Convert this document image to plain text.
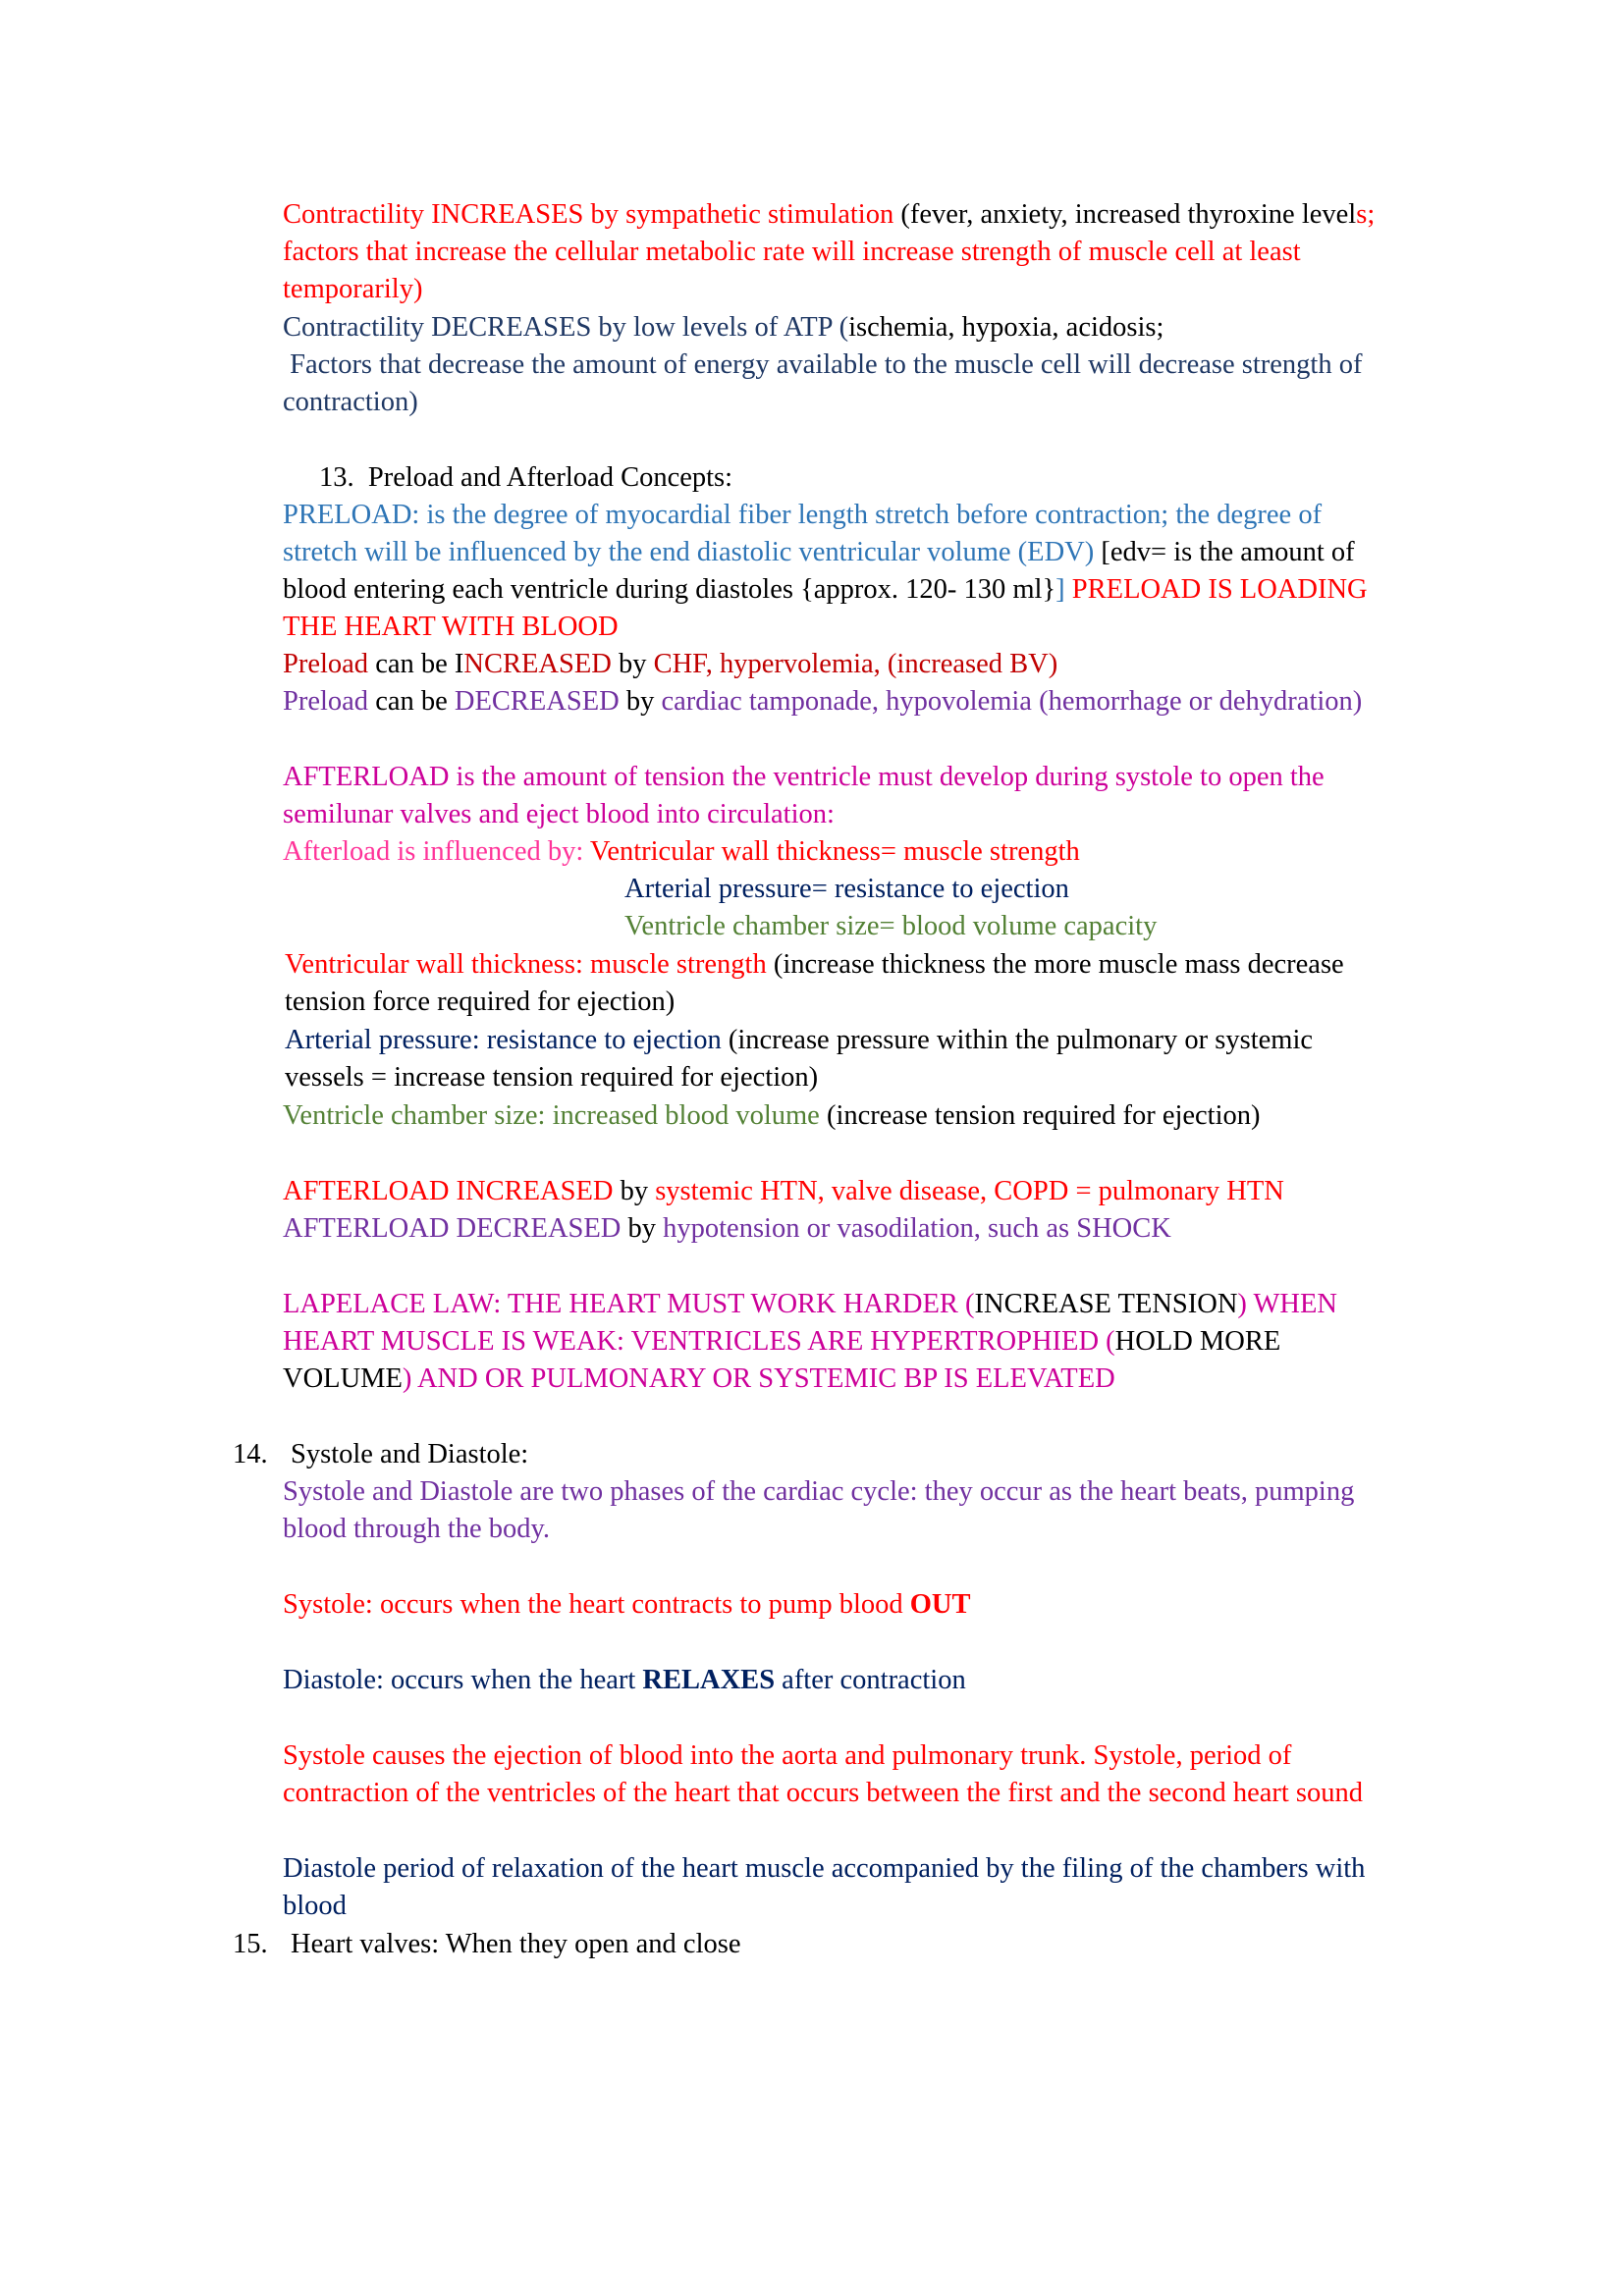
Contractility INCREASES by sympathetic stimulation (fever, anxiety, increased thyroxine levels;
factors that increase the cellular metabolic rate will increase strength of muscle cell at least
temporarily)
Contractility DECREASES by low levels of ATP (ischemia, hypoxia, acidosis;
Factors that decrease the amount of energy available to the muscle cell will decrease strength of
contraction)
13.  Preload and Afterload Concepts:
PRELOAD: is the degree of myocardial fiber length stretch before contraction; the degree of
stretch will be influenced by the end diastolic ventricular volume (EDV) [edv= is the amount of
blood entering each ventricle during diastoles {approx. 120- 130 ml}] PRELOAD IS LOADING
THE HEART WITH BLOOD
Preload can be INCREASED by CHF, hypervolemia, (increased BV)
Preload can be DECREASED by cardiac tamponade, hypovolemia (hemorrhage or dehydration)
AFTERLOAD is the amount of tension the ventricle must develop during systole to open the
semilunar valves and eject blood into circulation:
Afterload is influenced by: Ventricular wall thickness= muscle strength
Arterial pressure= resistance to ejection
Ventricle chamber size= blood volume capacity
Ventricular wall thickness: muscle strength (increase thickness the more muscle mass decrease
tension force required for ejection)
Arterial pressure: resistance to ejection (increase pressure within the pulmonary or systemic
vessels = increase tension required for ejection)
Ventricle chamber size: increased blood volume (increase tension required for ejection)
AFTERLOAD INCREASED by systemic HTN, valve disease, COPD = pulmonary HTN
AFTERLOAD DECREASED by hypotension or vasodilation, such as SHOCK
LAPELACE LAW: THE HEART MUST WORK HARDER (INCREASE TENSION) WHEN
HEART MUSCLE IS WEAK: VENTRICLES ARE HYPERTROPHIED (HOLD MORE
VOLUME) AND OR PULMONARY OR SYSTEMIC BP IS ELEVATED
14. Systole and Diastole:
Systole and Diastole are two phases of the cardiac cycle: they occur as the heart beats, pumping
blood through the body.
Systole: occurs when the heart contracts to pump blood OUT
Diastole: occurs when the heart RELAXES after contraction
Systole causes the ejection of blood into the aorta and pulmonary trunk. Systole, period of
contraction of the ventricles of the heart that occurs between the first and the second heart sound
Diastole period of relaxation of the heart muscle accompanied by the filing of the chambers with
blood
15. Heart valves: When they open and close
